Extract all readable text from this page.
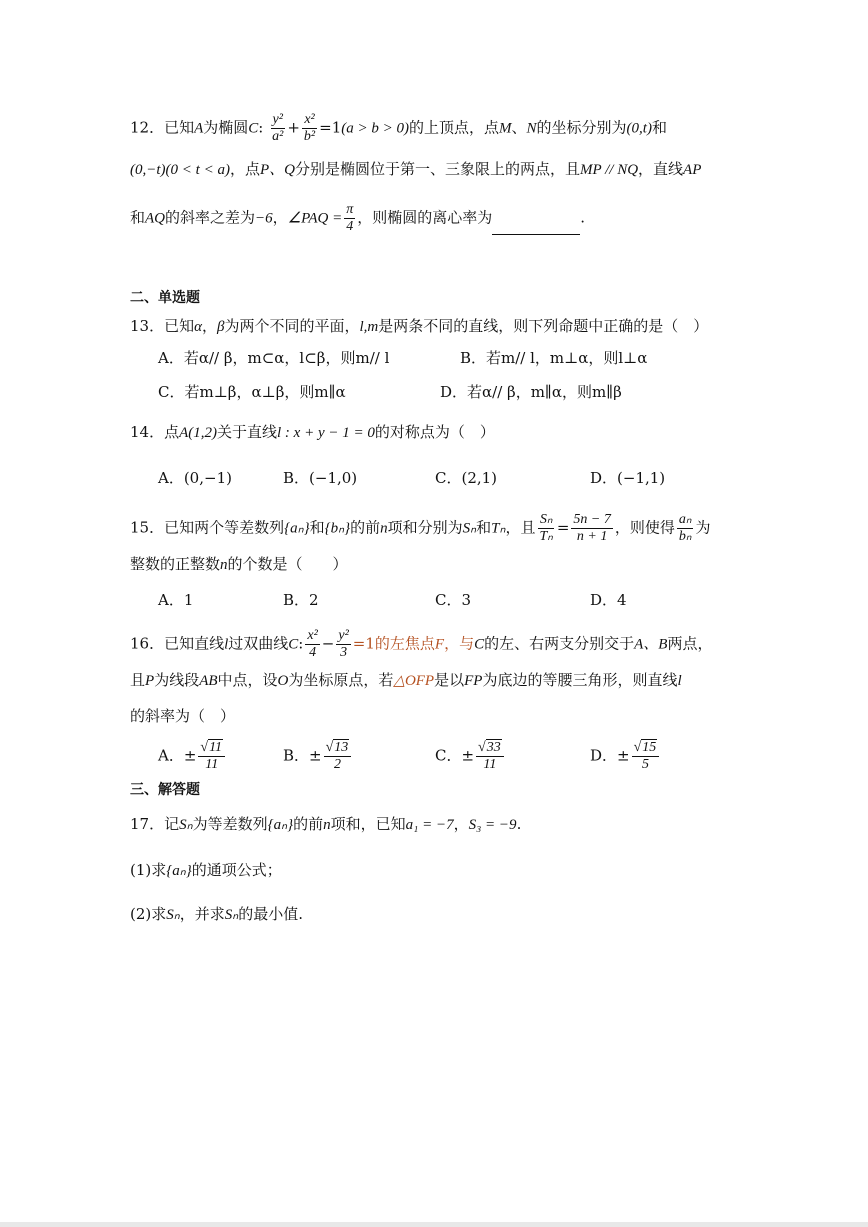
12．已知A为椭圆C: $\frac{\text{y²}}{\text{a²}} + \frac{\text{x²}}{\text{b²}} =1(a > b > 0)$的上顶点，点M、N的坐标分别为(0,t)和
(0,−t)(0 < t < a)，点P、Q分别是椭圆位于第一、三象限上的两点，且MP // NQ，直线AP
和AQ的斜率之差为−6，∠PAQ = $\frac{\pi}{4}$ ，则椭圆的离心率为	.
二、单选题
13．已知α，β为两个不同的平面，l,m是两条不同的直线，则下列命题中正确的是（　）
A．若α// β，m⊂α，l⊂β，则m// l	B．若m// l，m⊥α，则l⊥α
C．若m⊥β，α⊥β，则m∥α	D．若α// β，m∥α，则m∥β
14．点A(1,2)关于直线l : x + y − 1 = 0的对称点为（　）
A．(0,−1)	B．(−1,0)	C．(2,1)	D．(−1,1)
15．已知两个等差数列{aₙ}和{bₙ}的前n项和分别为Sₙ和Tₙ，且 $\frac{\text{Sₙ}}{\text{Tₙ}} = \frac{5n - 7}{n + 1}$ ，则使得 $\frac{\text{aₙ}}{\text{bₙ}}$ 为
整数的正整数n的个数是（　　）
A．1	B．2	C．3	D．4
16．已知直线l过双曲线C: $\frac{\text{x²}}{4} - \frac{\text{y²}}{3} =1$的左焦点F，与C的左、右两支分别交于A、B两点，
且P为线段AB中点，设O为坐标原点，若△OFP是以FP为底边的等腰三角形，则直线l
的斜率为（　）
A．± $\frac{√11}{11}$	B．± $\frac{√13}{2}$	C．± $\frac{√33}{11}$	D．± $\frac{√15}{5}$
三、解答题
17．记Sₙ为等差数列{aₙ}的前n项和，已知a₁ = −7，S₃ = −9.
(1)求{aₙ}的通项公式；
(2)求Sₙ，并求Sₙ的最小值.
